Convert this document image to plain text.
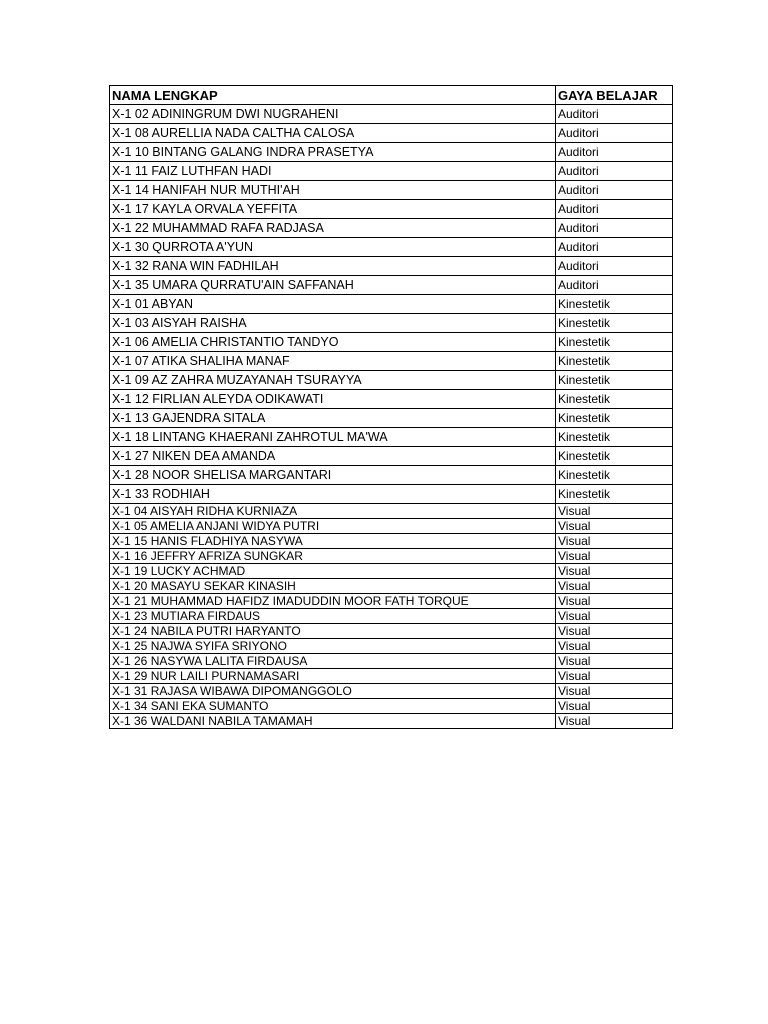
NAMA LENGKAP	GAYA BELAJAR
X-1 02 ADININGRUM DWI NUGRAHENI	Auditori
X-1 08 AURELLIA NADA CALTHA CALOSA	Auditori
X-1 10 BINTANG GALANG INDRA PRASETYA	Auditori
X-1 11 FAIZ LUTHFAN HADI	Auditori
X-1 14 HANIFAH NUR MUTHI'AH	Auditori
X-1 17 KAYLA ORVALA YEFFITA	Auditori
X-1 22 MUHAMMAD RAFA RADJASA	Auditori
X-1 30 QURROTA A'YUN	Auditori
X-1 32 RANA WIN FADHILAH	Auditori
X-1 35 UMARA QURRATU'AIN SAFFANAH	Auditori
X-1 01 ABYAN	Kinestetik
X-1 03 AISYAH RAISHA	Kinestetik
X-1 06 AMELIA CHRISTANTIO TANDYO	Kinestetik
X-1 07 ATIKA SHALIHA MANAF	Kinestetik
X-1 09 AZ ZAHRA MUZAYANAH TSURAYYA	Kinestetik
X-1 12 FIRLIAN ALEYDA ODIKAWATI	Kinestetik
X-1 13 GAJENDRA SITALA	Kinestetik
X-1 18 LINTANG KHAERANI ZAHROTUL MA'WA	Kinestetik
X-1 27 NIKEN DEA AMANDA	Kinestetik
X-1 28 NOOR SHELISA MARGANTARI	Kinestetik
X-1 33 RODHIAH	Kinestetik
X-1 04 AISYAH RIDHA KURNIAZA	Visual
X-1 05 AMELIA ANJANI WIDYA PUTRI	Visual
X-1 15 HANIS FLADHIYA NASYWA	Visual
X-1 16 JEFFRY AFRIZA SUNGKAR	Visual
X-1 19 LUCKY ACHMAD	Visual
X-1 20 MASAYU SEKAR KINASIH	Visual
X-1 21 MUHAMMAD HAFIDZ IMADUDDIN MOOR FATH TORQUE	Visual
X-1 23 MUTIARA FIRDAUS	Visual
X-1 24 NABILA PUTRI HARYANTO	Visual
X-1 25 NAJWA SYIFA SRIYONO	Visual
X-1 26 NASYWA LALITA FIRDAUSA	Visual
X-1 29 NUR LAILI PURNAMASARI	Visual
X-1 31 RAJASA WIBAWA DIPOMANGGOLO	Visual
X-1 34 SANI EKA SUMANTO	Visual
X-1 36 WALDANI NABILA TAMAMAH	Visual
